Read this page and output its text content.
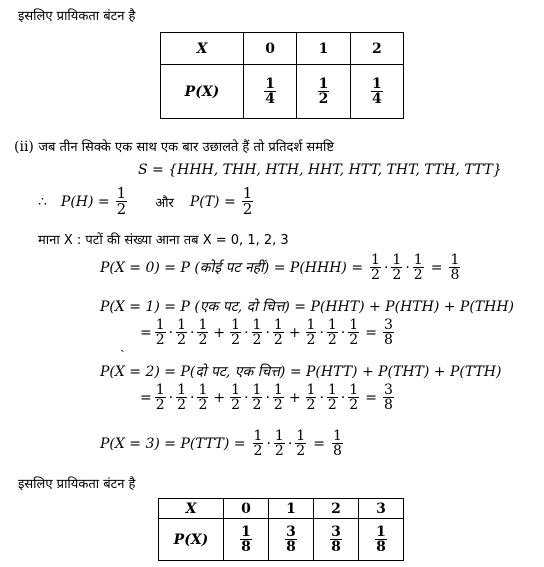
इसलिए प्रायिकता बंटन है
X	0	1	2
P(X)	$\frac{1}{4}$	$\frac{1}{2}$	$\frac{1}{4}$
(ii) जब तीन सिक्के एक साथ एक बार उछालते हैं तो प्रतिदर्श समष्टि
S = {HHH, THH, HTH, HHT, HTT, THT, TTH, TTT}
∴ $P(H) = \frac{1}{2}$ और $P(T) = \frac{1}{2}$
माना X : पटों की संख्या आना तब X = 0, 1, 2, 3
P(X = 0) = P (कोई पट नहीं) = $P(HHH) = \frac{1}{2} \cdot \frac{1}{2} \cdot \frac{1}{2} = \frac{1}{8}$
P(X = 1) = P (एक पट, दो चित्त) = P(HHT) + P(HTH) + P(THH)
= $\frac{1}{2} \cdot \frac{1}{2} \cdot \frac{1}{2} + \frac{1}{2} \cdot \frac{1}{2} \cdot \frac{1}{2} + \frac{1}{2} \cdot \frac{1}{2} \cdot \frac{1}{2} = \frac{3}{8}$
ˏ
P(X = 2) = P(दो पट, एक चित्त) = P(HTT) + P(THT) + P(TTH)
= $\frac{1}{2} \cdot \frac{1}{2} \cdot \frac{1}{2} + \frac{1}{2} \cdot \frac{1}{2} \cdot \frac{1}{2} + \frac{1}{2} \cdot \frac{1}{2} \cdot \frac{1}{2} = \frac{3}{8}$
$P(X = 3) = P(TTT) = \frac{1}{2} \cdot \frac{1}{2} \cdot \frac{1}{2} = \frac{1}{8}$
इसलिए प्रायिकता बंटन है
X	0	1	2	3
P(X)	$\frac{1}{8}$	$\frac{3}{8}$	$\frac{3}{8}$	$\frac{1}{8}$
